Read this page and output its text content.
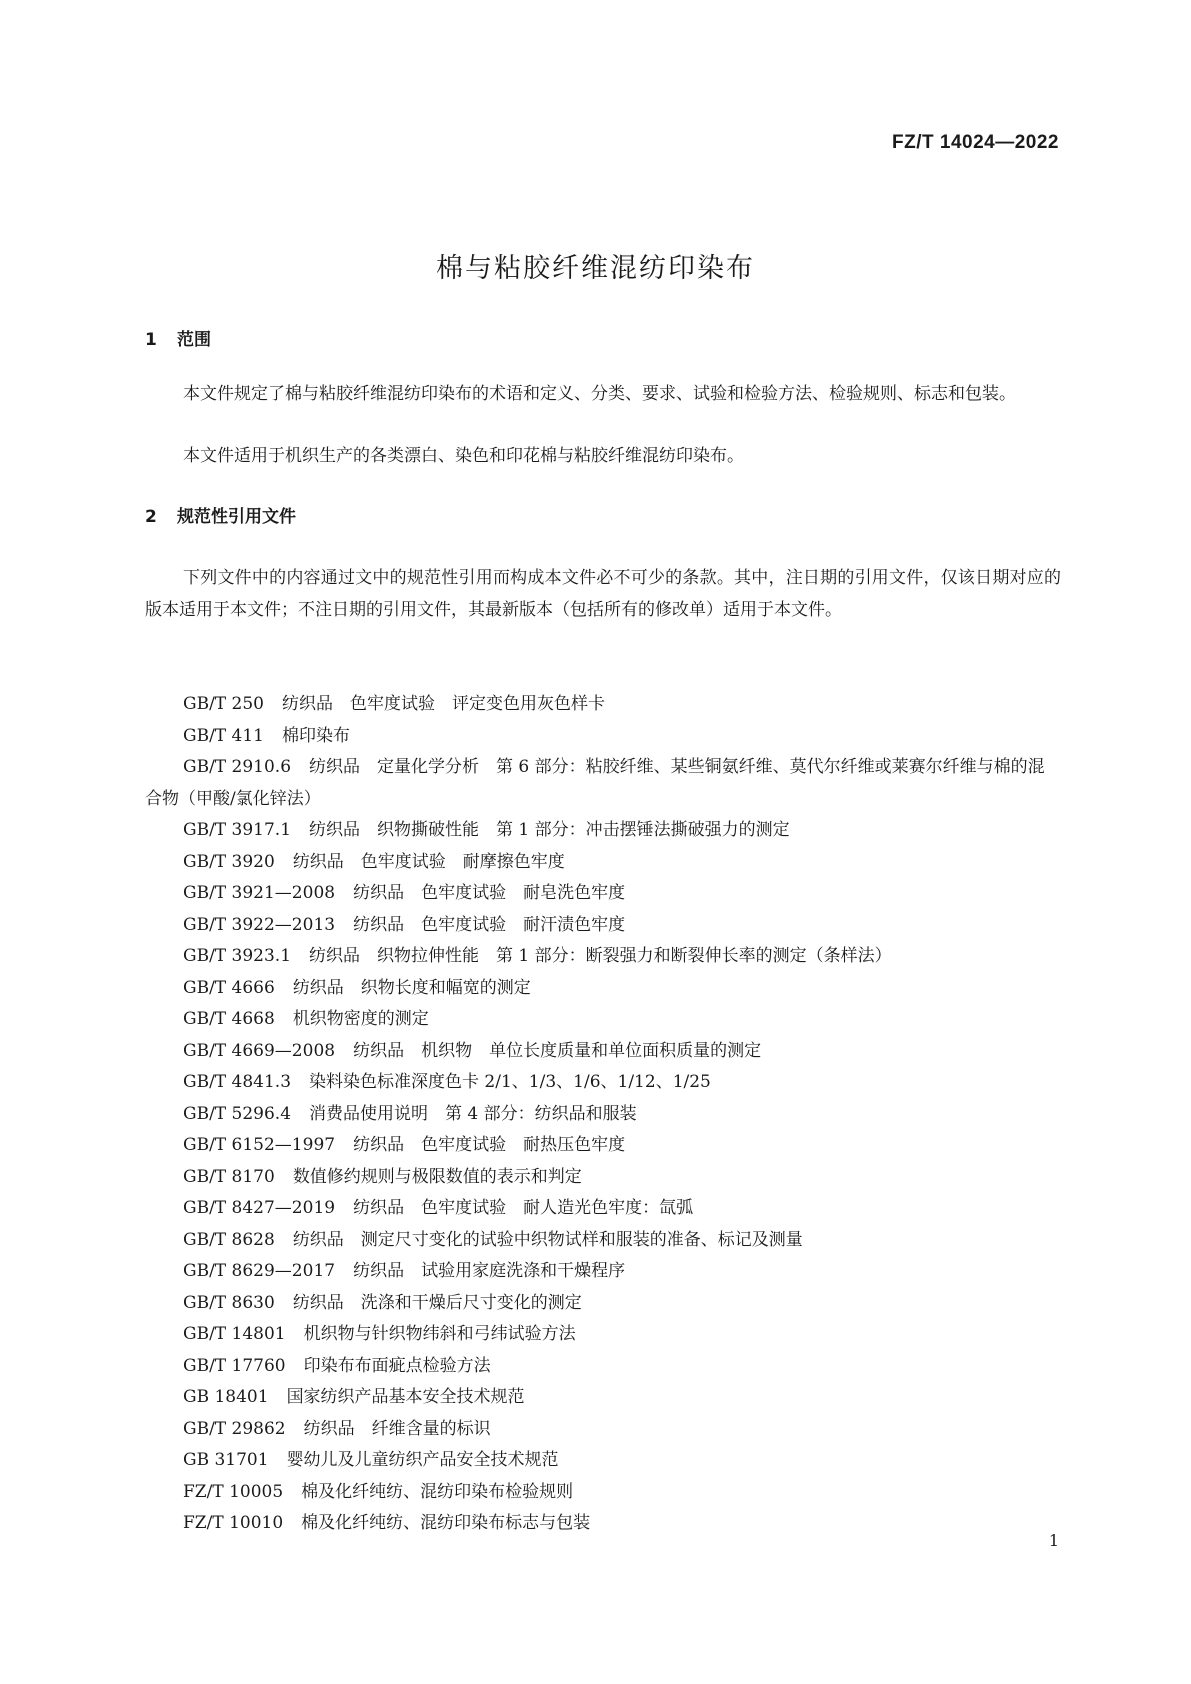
FZ/T 14024—2022
棉与粘胶纤维混纺印染布
1 范围

本文件规定了棉与粘胶纤维混纺印染布的术语和定义、分类、要求、试验和检验方法、检验规则、标志和包装。

本文件适用于机织生产的各类漂白、染色和印花棉与粘胶纤维混纺印染布。

2 规范性引用文件

下列文件中的内容通过文中的规范性引用而构成本文件必不可少的条款。其中，注日期的引用文件，仅该日期对应的版本适用于本文件；不注日期的引用文件，其最新版本（包括所有的修改单）适用于本文件。

GB/T 250 纺织品　色牢度试验　评定变色用灰色样卡
GB/T 411 棉印染布
GB/T 2910.6 纺织品　定量化学分析　第 6 部分：粘胶纤维、某些铜氨纤维、莫代尔纤维或莱赛尔纤维与棉的混合物（甲酸/氯化锌法）
GB/T 3917.1 纺织品　织物撕破性能　第 1 部分：冲击摆锤法撕破强力的测定
GB/T 3920 纺织品　色牢度试验　耐摩擦色牢度
GB/T 3921—2008 纺织品　色牢度试验　耐皂洗色牢度
GB/T 3922—2013 纺织品　色牢度试验　耐汗渍色牢度
GB/T 3923.1 纺织品　织物拉伸性能　第 1 部分：断裂强力和断裂伸长率的测定（条样法）
GB/T 4666 纺织品　织物长度和幅宽的测定
GB/T 4668 机织物密度的测定
GB/T 4669—2008 纺织品　机织物　单位长度质量和单位面积质量的测定
GB/T 4841.3 染料染色标准深度色卡 2/1、1/3、1/6、1/12、1/25
GB/T 5296.4 消费品使用说明　第 4 部分：纺织品和服装
GB/T 6152—1997 纺织品　色牢度试验　耐热压色牢度
GB/T 8170 数值修约规则与极限数值的表示和判定
GB/T 8427—2019 纺织品　色牢度试验　耐人造光色牢度：氙弧
GB/T 8628 纺织品　测定尺寸变化的试验中织物试样和服装的准备、标记及测量
GB/T 8629—2017 纺织品　试验用家庭洗涤和干燥程序
GB/T 8630 纺织品　洗涤和干燥后尺寸变化的测定
GB/T 14801 机织物与针织物纬斜和弓纬试验方法
GB/T 17760 印染布布面疵点检验方法
GB 18401 国家纺织产品基本安全技术规范
GB/T 29862 纺织品　纤维含量的标识
GB 31701 婴幼儿及儿童纺织产品安全技术规范
FZ/T 10005 棉及化纤纯纺、混纺印染布检验规则
FZ/T 10010 棉及化纤纯纺、混纺印染布标志与包装
1
